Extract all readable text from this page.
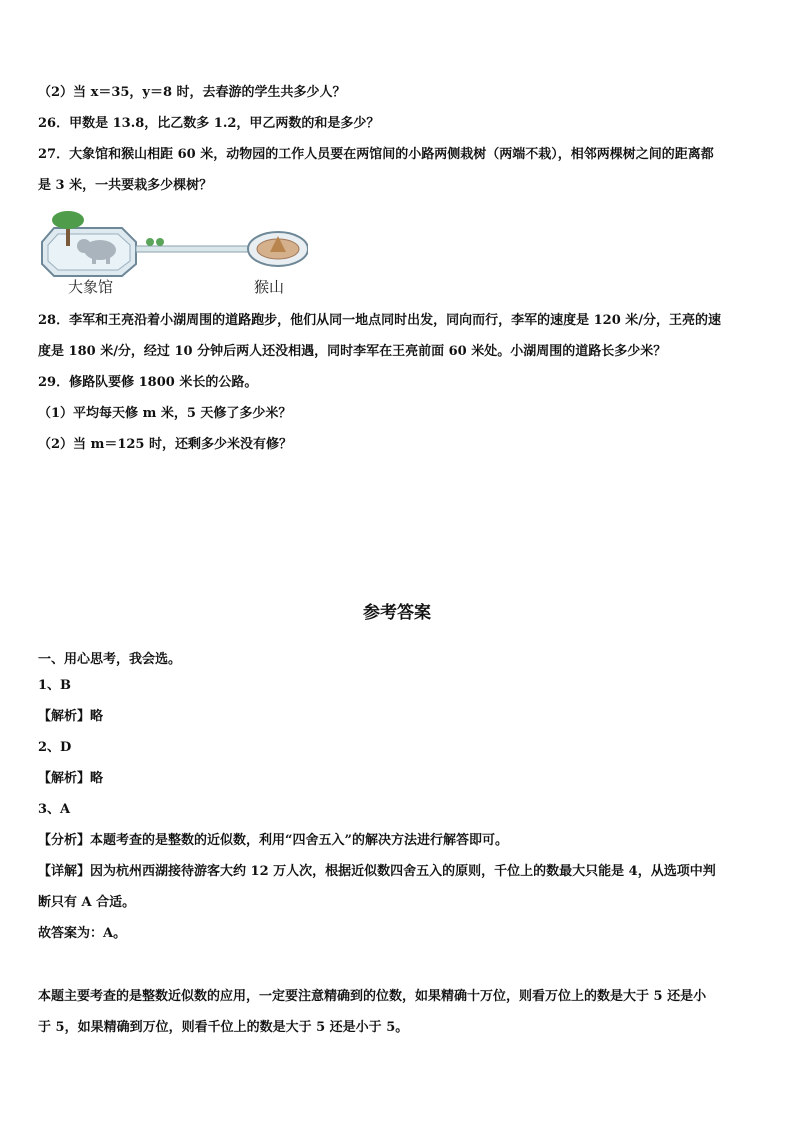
（2）当 x＝35，y＝8 时，去春游的学生共多少人？
26．甲数是 13.8，比乙数多 1.2，甲乙两数的和是多少？
27．大象馆和猴山相距 60 米，动物园的工作人员要在两馆间的小路两侧栽树（两端不栽），相邻两棵树之间的距离都
是 3 米，一共要栽多少棵树？
大象馆	猴山
28．李军和王亮沿着小湖周围的道路跑步，他们从同一地点同时出发，同向而行，李军的速度是 120 米/分，王亮的速
度是 180 米/分，经过 10 分钟后两人还没相遇，同时李军在王亮前面 60 米处。小湖周围的道路长多少米？
29．修路队要修 1800 米长的公路。
（1）平均每天修 m 米，5 天修了多少米？
（2）当 m＝125 时，还剩多少米没有修？
参考答案
一、用心思考，我会选。
1、B
【解析】略
2、D
【解析】略
3、A
【分析】本题考查的是整数的近似数，利用“四舍五入”的解决方法进行解答即可。
【详解】因为杭州西湖接待游客大约 12 万人次，根据近似数四舍五入的原则，千位上的数最大只能是 4，从选项中判
断只有 A 合适。
故答案为：A。
本题主要考查的是整数近似数的应用，一定要注意精确到的位数，如果精确十万位，则看万位上的数是大于 5 还是小
于 5，如果精确到万位，则看千位上的数是大于 5 还是小于 5。
